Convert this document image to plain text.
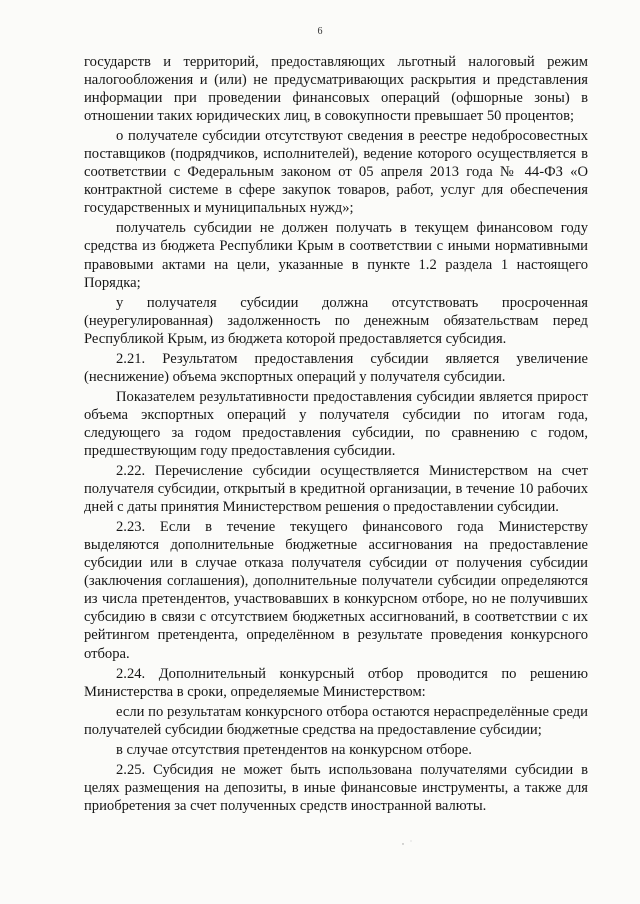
6

государств и территорий, предоставляющих льготный налоговый режим налогообложения и (или) не предусматривающих раскрытия и представления информации при проведении финансовых операций (офшорные зоны) в отношении таких юридических лиц, в совокупности превышает 50 процентов;

о получателе субсидии отсутствуют сведения в реестре недобросовестных поставщиков (подрядчиков, исполнителей), ведение которого осуществляется в соответствии с Федеральным законом от 05 апреля 2013 года № 44-ФЗ «О контрактной системе в сфере закупок товаров, работ, услуг для обеспечения государственных и муниципальных нужд»;

получатель субсидии не должен получать в текущем финансовом году средства из бюджета Республики Крым в соответствии с иными нормативными правовыми актами на цели, указанные в пункте 1.2 раздела 1 настоящего Порядка;

у получателя субсидии должна отсутствовать просроченная (неурегулированная) задолженность по денежным обязательствам перед Республикой Крым, из бюджета которой предоставляется субсидия.

2.21. Результатом предоставления субсидии является увеличение (неснижение) объема экспортных операций у получателя субсидии.

Показателем результативности предоставления субсидии является прирост объема экспортных операций у получателя субсидии по итогам года, следующего за годом предоставления субсидии, по сравнению с годом, предшествующим году предоставления субсидии.

2.22. Перечисление субсидии осуществляется Министерством на счет получателя субсидии, открытый в кредитной организации, в течение 10 рабочих дней с даты принятия Министерством решения о предоставлении субсидии.

2.23. Если в течение текущего финансового года Министерству выделяются дополнительные бюджетные ассигнования на предоставление субсидии или в случае отказа получателя субсидии от получения субсидии (заключения соглашения), дополнительные получатели субсидии определяются из числа претендентов, участвовавших в конкурсном отборе, но не получивших субсидию в связи с отсутствием бюджетных ассигнований, в соответствии с их рейтингом претендента, определённом в результате проведения конкурсного отбора.

2.24. Дополнительный конкурсный отбор проводится по решению Министерства в сроки, определяемые Министерством:

если по результатам конкурсного отбора остаются нераспределённые среди получателей субсидии бюджетные средства на предоставление субсидии;

в случае отсутствия претендентов на конкурсном отборе.

2.25. Субсидия не может быть использована получателями субсидии в целях размещения на депозиты, в иные финансовые инструменты, а также для приобретения за счет полученных средств иностранной валюты.
